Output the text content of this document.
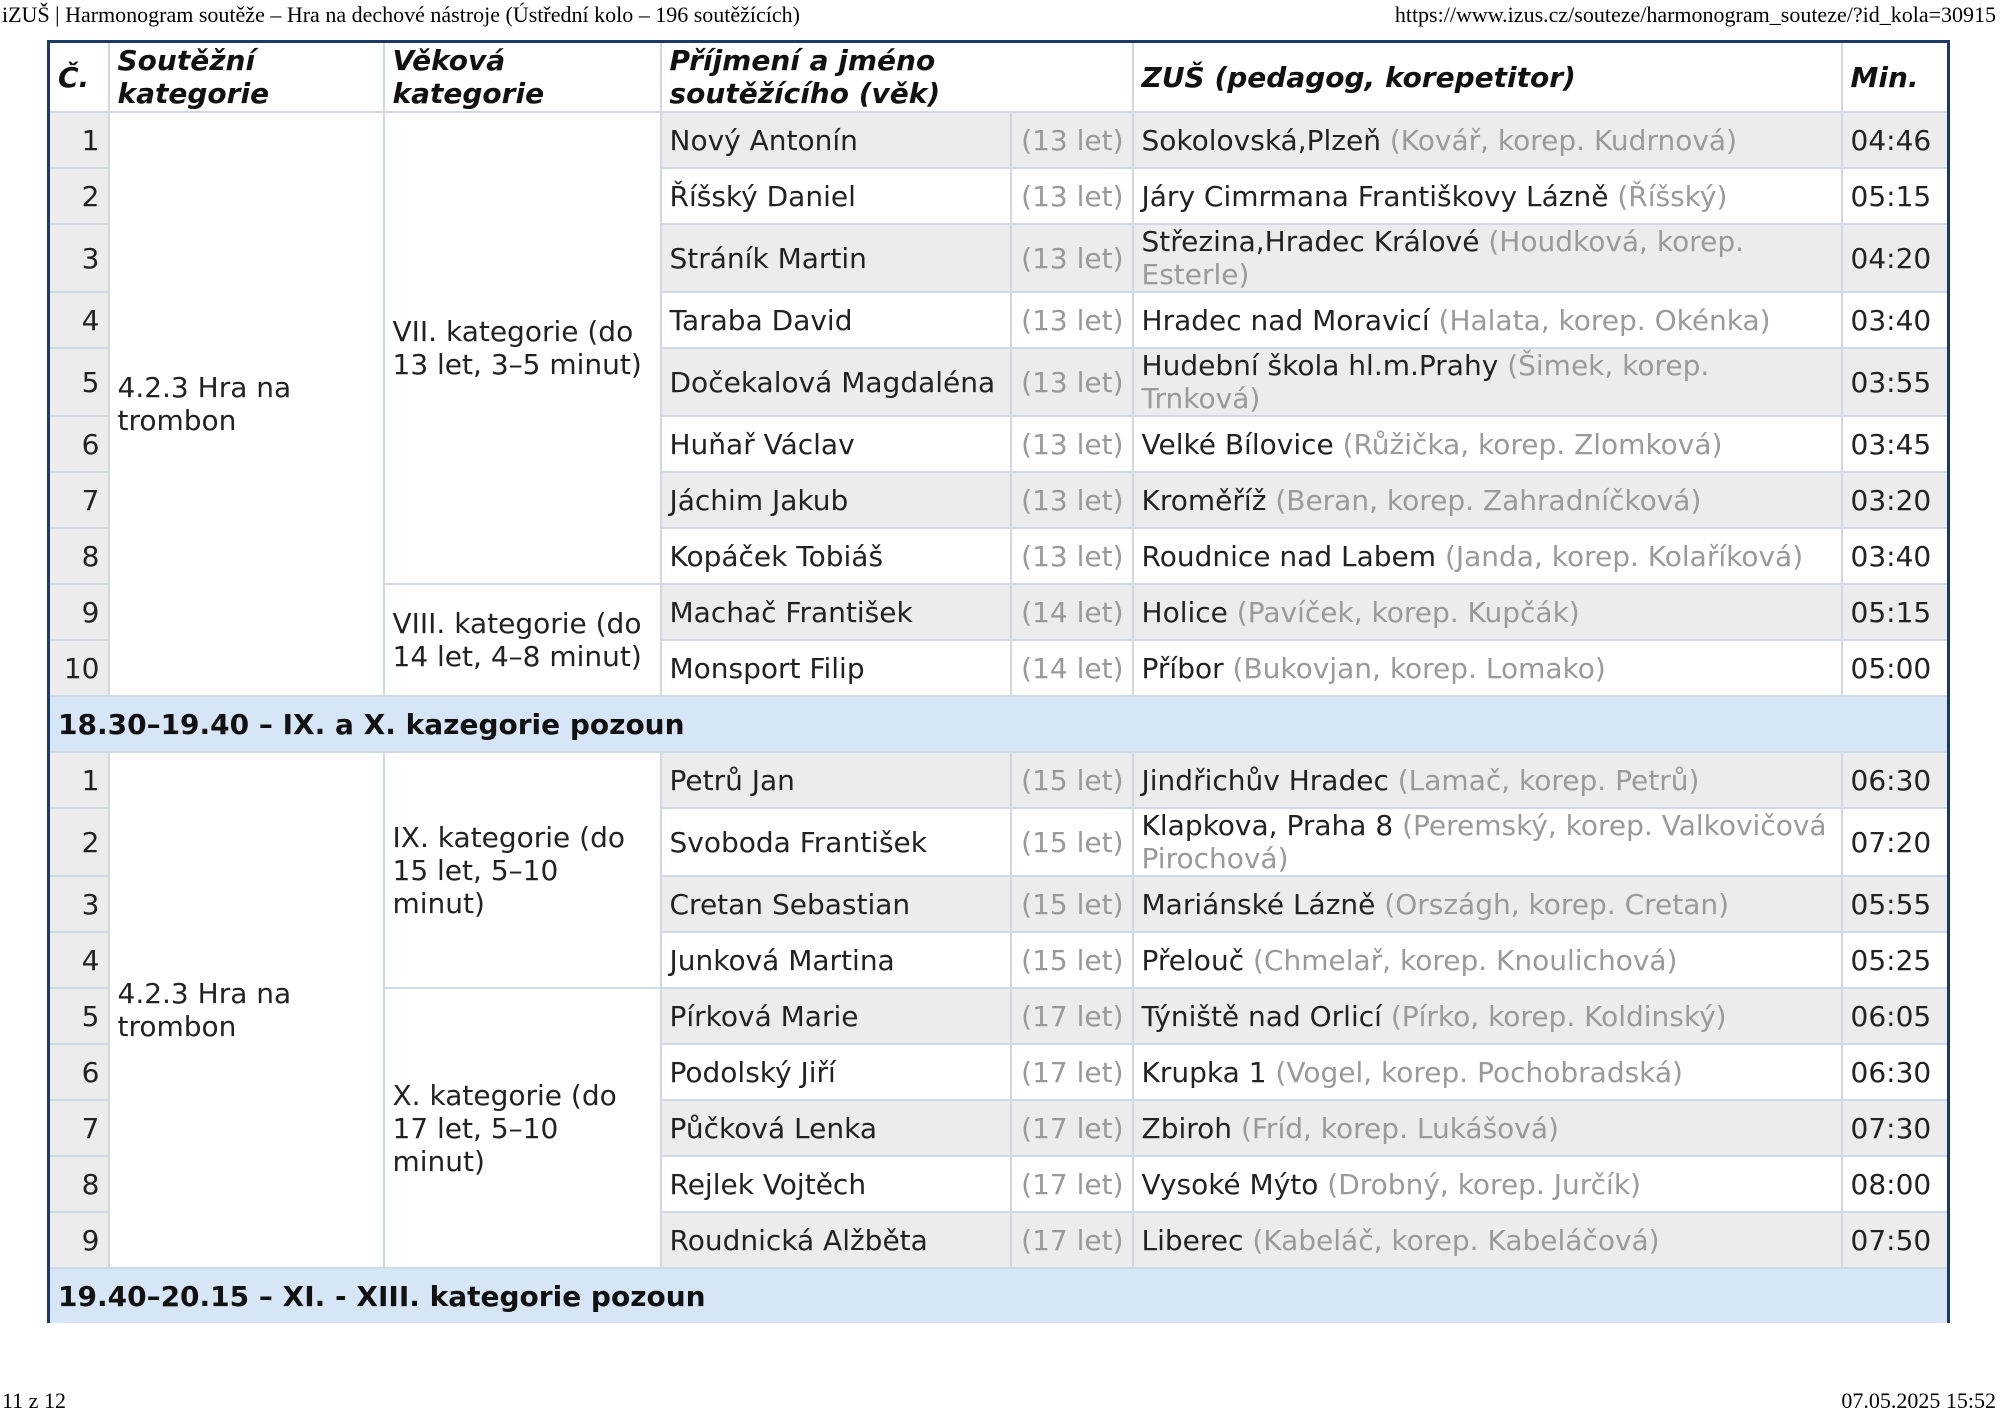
iZUŠ | Harmonogram soutěže – Hra na dechové nástroje (Ústřední kolo – 196 soutěžících)	https://www.izus.cz/souteze/harmonogram_souteze/?id_kola=30915
Č.	Soutěžní kategorie	Věková kategorie	Příjmení a jméno soutěžícího (věk)		ZUŠ (pedagog, korepetitor)	Min.
1	4.2.3 Hra na trombon	VII. kategorie (do 13 let, 3–5 minut)	Nový Antonín	(13 let)	Sokolovská,Plzeň (Kovář, korep. Kudrnová)	04:46
2			Říšský Daniel	(13 let)	Járy Cimrmana Františkovy Lázně (Říšský)	05:15
3			Stráník Martin	(13 let)	Střezina,Hradec Králové (Houdková, korep. Esterle)	04:20
4			Taraba David	(13 let)	Hradec nad Moravicí (Halata, korep. Okénka)	03:40
5			Dočekalová Magdaléna	(13 let)	Hudební škola hl.m.Prahy (Šimek, korep. Trnková)	03:55
6			Huňař Václav	(13 let)	Velké Bílovice (Růžička, korep. Zlomková)	03:45
7			Jáchim Jakub	(13 let)	Kroměříž (Beran, korep. Zahradníčková)	03:20
8			Kopáček Tobiáš	(13 let)	Roudnice nad Labem (Janda, korep. Kolaříková)	03:40
9		VIII. kategorie (do 14 let, 4–8 minut)	Machač František	(14 let)	Holice (Pavíček, korep. Kupčák)	05:15
10			Monsport Filip	(14 let)	Příbor (Bukovjan, korep. Lomako)	05:00
18.30–19.40 – IX. a X. kazegorie pozoun						
1	4.2.3 Hra na trombon	IX. kategorie (do 15 let, 5–10 minut)	Petrů Jan	(15 let)	Jindřichův Hradec (Lamač, korep. Petrů)	06:30
2			Svoboda František	(15 let)	Klapkova, Praha 8 (Peremský, korep. Valkovičová Pirochová)	07:20
3			Cretan Sebastian	(15 let)	Mariánské Lázně (Országh, korep. Cretan)	05:55
4			Junková Martina	(15 let)	Přelouč (Chmelař, korep. Knoulichová)	05:25
5		X. kategorie (do 17 let, 5–10 minut)	Pírková Marie	(17 let)	Týniště nad Orlicí (Pírko, korep. Koldinský)	06:05
6			Podolský Jiří	(17 let)	Krupka 1 (Vogel, korep. Pochobradská)	06:30
7			Půčková Lenka	(17 let)	Zbiroh (Fríd, korep. Lukášová)	07:30
8			Rejlek Vojtěch	(17 let)	Vysoké Mýto (Drobný, korep. Jurčík)	08:00
9			Roudnická Alžběta	(17 let)	Liberec (Kabeláč, korep. Kabeláčová)	07:50
19.40–20.15 – XI. - XIII. kategorie pozoun						
11 z 12	07.05.2025 15:52
